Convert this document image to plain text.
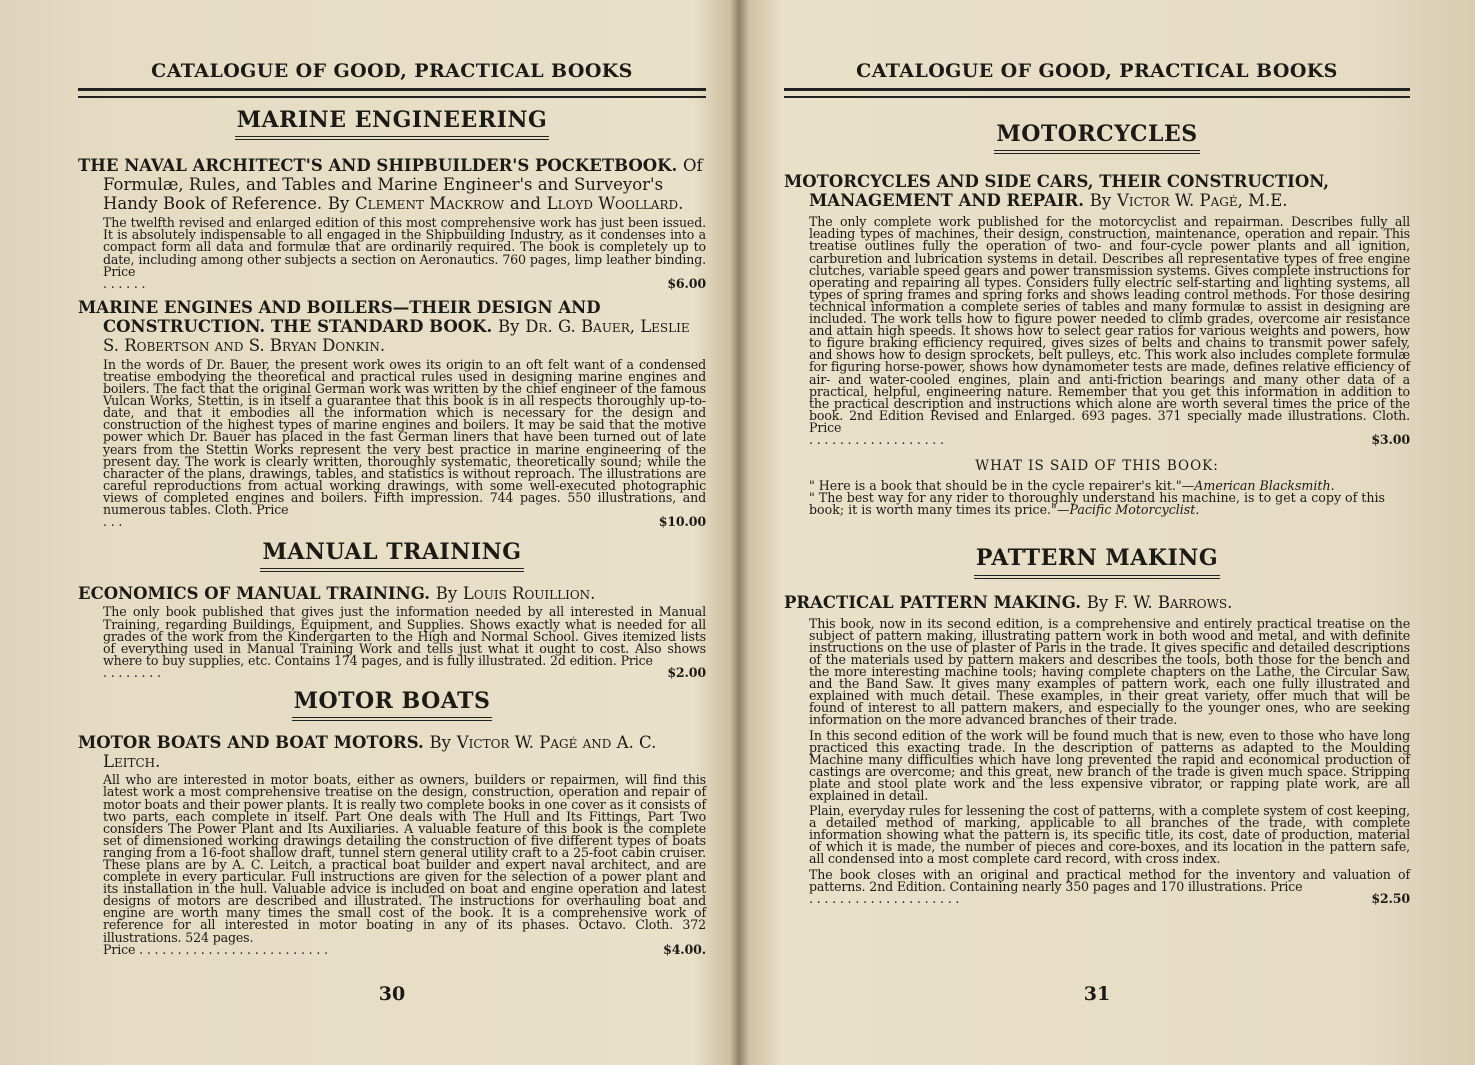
CATALOGUE OF GOOD, PRACTICAL BOOKS
MARINE ENGINEERING

THE NAVAL ARCHITECT'S AND SHIPBUILDER'S POCKETBOOK. Of Formulæ, Rules, and Tables and Marine Engineer's and Surveyor's Handy Book of Reference. By Clement Mackrow and Lloyd Woollard.

The twelfth revised and enlarged edition of this most comprehensive work has just been issued. It is absolutely indispensable to all engaged in the Shipbuilding Industry, as it condenses into a compact form all data and formulæ that are ordinarily required. The book is completely up to date, including among other subjects a section on Aeronautics. 760 pages, limp leather binding. Price
. . . . . .	$6.00

MARINE ENGINES AND BOILERS—THEIR DESIGN AND CONSTRUCTION. THE STANDARD BOOK. By Dr. G. Bauer, Leslie S. Robertson and S. Bryan Donkin.

In the words of Dr. Bauer, the present work owes its origin to an oft felt want of a condensed treatise embodying the theoretical and practical rules used in designing marine engines and boilers. The fact that the original German work was written by the chief engineer of the famous Vulcan Works, Stettin, is in itself a guarantee that this book is in all respects thoroughly up-to-date, and that it embodies all the information which is necessary for the design and construction of the highest types of marine engines and boilers. It may be said that the motive power which Dr. Bauer has placed in the fast German liners that have been turned out of late years from the Stettin Works represent the very best practice in marine engineering of the present day. The work is clearly written, thoroughly systematic, theoretically sound; while the character of the plans, drawings, tables, and statistics is without reproach. The illustrations are careful reproductions from actual working drawings, with some well-executed photographic views of completed engines and boilers. Fifth impression. 744 pages. 550 illustrations, and numerous tables. Cloth. Price
. . .	$10.00

MANUAL TRAINING

ECONOMICS OF MANUAL TRAINING. By Louis Rouillion.

The only book published that gives just the information needed by all interested in Manual Training, regarding Buildings, Equipment, and Supplies. Shows exactly what is needed for all grades of the work from the Kindergarten to the High and Normal School. Gives itemized lists of everything used in Manual Training Work and tells just what it ought to cost. Also shows where to buy supplies, etc. Contains 174 pages, and is fully illustrated. 2d edition. Price
. . . . . . . .	$2.00

MOTOR BOATS

MOTOR BOATS AND BOAT MOTORS. By Victor W. Pagé and A. C. Leitch.

All who are interested in motor boats, either as owners, builders or repairmen, will find this latest work a most comprehensive treatise on the design, construction, operation and repair of motor boats and their power plants. It is really two complete books in one cover as it consists of two parts, each complete in itself. Part One deals with The Hull and Its Fittings, Part Two considers The Power Plant and Its Auxiliaries. A valuable feature of this book is the complete set of dimensioned working drawings detailing the construction of five different types of boats ranging from a 16-foot shallow draft, tunnel stern general utility craft to a 25-foot cabin cruiser. These plans are by A. C. Leitch, a practical boat builder and expert naval architect, and are complete in every particular. Full instructions are given for the selection of a power plant and its installation in the hull. Valuable advice is included on boat and engine operation and latest designs of motors are described and illustrated. The instructions for overhauling boat and engine are worth many times the small cost of the book. It is a comprehensive work of reference for all interested in motor boating in any of its phases. Octavo. Cloth. 372 illustrations. 524 pages.
Price . . . . . . . . . . . . . . . . . . . . . . . . .	$4.00.

30
CATALOGUE OF GOOD, PRACTICAL BOOKS
MOTORCYCLES

MOTORCYCLES AND SIDE CARS, THEIR CONSTRUCTION, MANAGEMENT AND REPAIR. By Victor W. Pagé, M.E.

The only complete work published for the motorcyclist and repairman. Describes fully all leading types of machines, their design, construction, maintenance, operation and repair. This treatise outlines fully the operation of two- and four-cycle power plants and all ignition, carburetion and lubrication systems in detail. Describes all representative types of free engine clutches, variable speed gears and power transmission systems. Gives complete instructions for operating and repairing all types. Considers fully electric self-starting and lighting systems, all types of spring frames and spring forks and shows leading control methods. For those desiring technical information a complete series of tables and many formulæ to assist in designing are included. The work tells how to figure power needed to climb grades, overcome air resistance and attain high speeds. It shows how to select gear ratios for various weights and powers, how to figure braking efficiency required, gives sizes of belts and chains to transmit power safely, and shows how to design sprockets, belt pulleys, etc. This work also includes complete formulæ for figuring horse-power, shows how dynamometer tests are made, defines relative efficiency of air- and water-cooled engines, plain and anti-friction bearings and many other data of a practical, helpful, engineering nature. Remember that you get this information in addition to the practical description and instructions which alone are worth several times the price of the book. 2nd Edition Revised and Enlarged. 693 pages. 371 specially made illustrations. Cloth. Price
. . . . . . . . . . . . . . . . . .	$3.00

WHAT IS SAID OF THIS BOOK:

" Here is a book that should be in the cycle repairer's kit."—American Blacksmith.

" The best way for any rider to thoroughly understand his machine, is to get a copy of this book; it is worth many times its price."—Pacific Motorcyclist.

PATTERN MAKING

PRACTICAL PATTERN MAKING. By F. W. Barrows.

This book, now in its second edition, is a comprehensive and entirely practical treatise on the subject of pattern making, illustrating pattern work in both wood and metal, and with definite instructions on the use of plaster of Paris in the trade. It gives specific and detailed descriptions of the materials used by pattern makers and describes the tools, both those for the bench and the more interesting machine tools; having complete chapters on the Lathe, the Circular Saw, and the Band Saw. It gives many examples of pattern work, each one fully illustrated and explained with much detail. These examples, in their great variety, offer much that will be found of interest to all pattern makers, and especially to the younger ones, who are seeking information on the more advanced branches of their trade.

In this second edition of the work will be found much that is new, even to those who have long practiced this exacting trade. In the description of patterns as adapted to the Moulding Machine many difficulties which have long prevented the rapid and economical production of castings are overcome; and this great, new branch of the trade is given much space. Stripping plate and stool plate work and the less expensive vibrator, or rapping plate work, are all explained in detail.

Plain, everyday rules for lessening the cost of patterns, with a complete system of cost keeping, a detailed method of marking, applicable to all branches of the trade, with complete information showing what the pattern is, its specific title, its cost, date of production, material of which it is made, the number of pieces and core-boxes, and its location in the pattern safe, all condensed into a most complete card record, with cross index.

The book closes with an original and practical method for the inventory and valuation of patterns. 2nd Edition. Containing nearly 350 pages and 170 illustrations. Price
. . . . . . . . . . . . . . . . . . . .	$2.50

31
